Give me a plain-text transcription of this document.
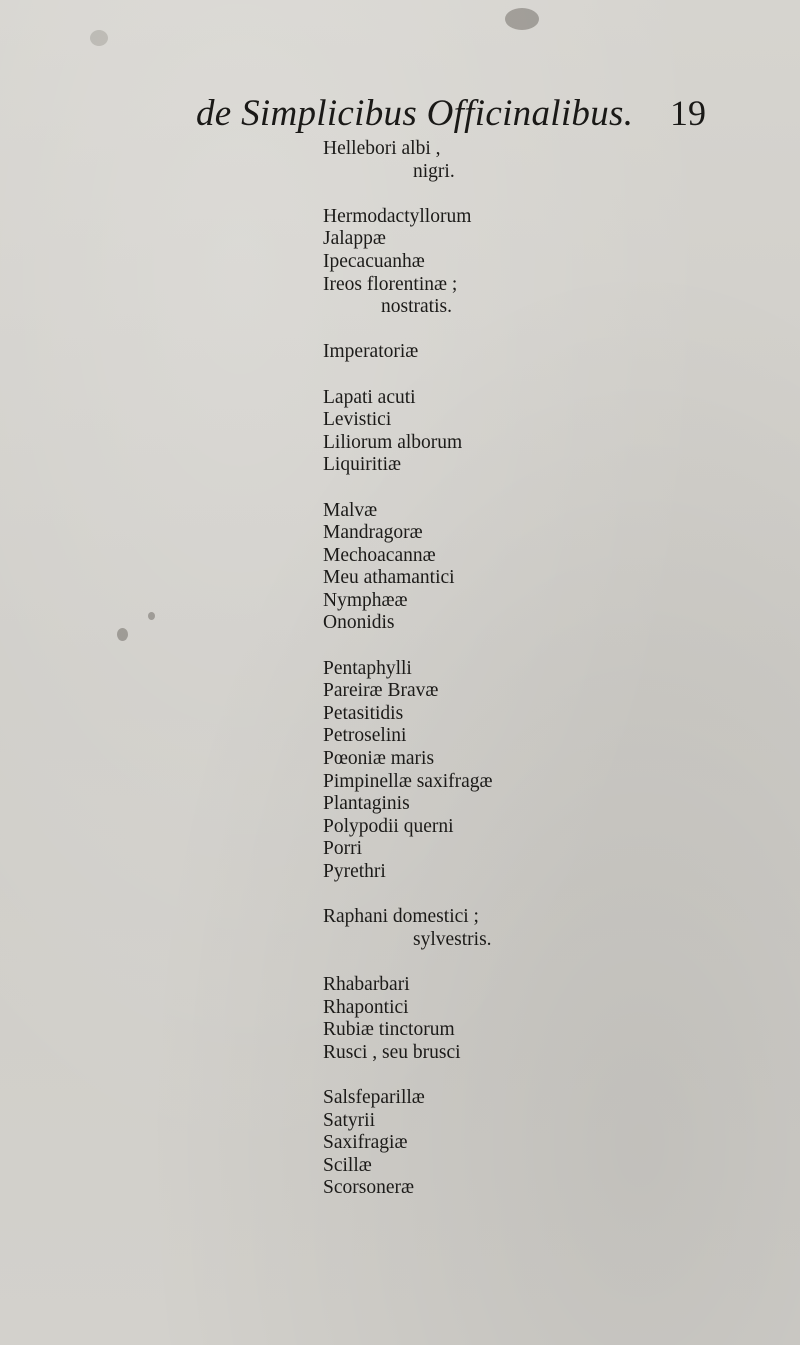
de Simplicibus Officinalibus. 19
Hellebori albi ,
nigri.
Hermodactyllorum
Jalappæ
Ipecacuanhæ
Ireos florentinæ ;
nostratis.
Imperatoriæ
Lapati acuti
Levistici
Liliorum alborum
Liquiritiæ
Malvæ
Mandragoræ
Mechoacannæ
Meu athamantici
Nymphææ
Ononidis
Pentaphylli
Pareiræ Bravæ
Petasitidis
Petroselini
Pœoniæ maris
Pimpinellæ saxifragæ
Plantaginis
Polypodii querni
Porri
Pyrethri
Raphani domestici ;
sylvestris.
Rhabarbari
Rhapontici
Rubiæ tinctorum
Rusci , seu brusci
Salsfeparillæ
Satyrii
Saxifragiæ
Scillæ
Scorsoneræ
